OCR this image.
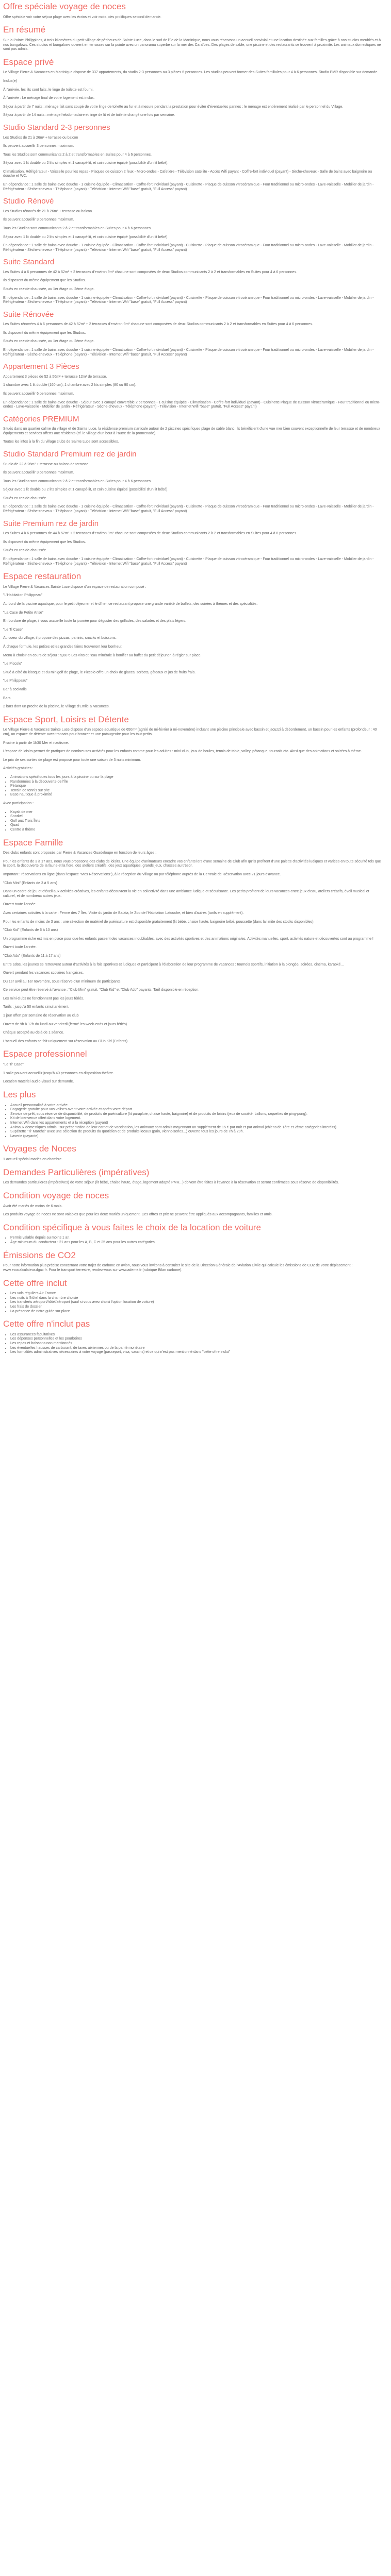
Offre spéciale voyage de noces

Offre spéciale voir votre séjour plage avec les écrins et voir mots, des prolifiques second demande.

En résumé

Sur la Pointe Philippines, à trois kilomètres du petit village de pêcheurs de Sainte Luce, dans le sud de l'île de la Martinique, nous vous réservons un accueil convivial et une location destinée aux familles grâce à nos studios meublés et à nos bungalows. Ces studios et bungalows ouvrent en terrasses sur la pointe avec un panorama superbe sur la mer des Caraïbes. Des plages de sable, une piscine et des restaurants se trouvent à proximité. Les animaux domestiques ne sont pas admis.

Espace privé

Le Village Pierre & Vacances en Martinique dispose de 337 appartements, du studio 2-3 personnes au 3 pièces 6 personnes. Les studios peuvent former des Suites familiales pour 4 à 6 personnes. Studio PMR disponible sur demande.

Inclus(e)

À l'arrivée, les lits sont faits, le linge de toilette est fourni.

À l'arrivée : Le ménage final de votre logement est inclus.

Séjour à partir de 7 nuits : ménage fait sans coupé de votre linge de toilette au fur et à mesure pendant la prestation pour éviter d'éventuelles pannes ; le ménage est entièrement réalisé par le personnel du Village.

Séjour à partir de 14 nuits : ménage hebdomadaire et linge de lit et de toilette changé une fois par semaine.

Studio Standard 2-3 personnes

Les Studios de 21 à 26m² + terrasse ou balcon

Ils peuvent accueillir 3 personnes maximum.

Tous les Studios sont communicants 2 à 2 et transformables en Suites pour 4 à 6 personnes.

Séjour avec 1 lit double ou 2 lits simples et 1 canapé-lit, et coin cuisine équipé (possibilité d'un lit bébé).

Climatisation. Réfrigérateur - Vaisselle pour les repas - Plaques de cuisson 2 feux - Micro-ondes - Cafetière - Télévision satellite - Accès Wifi payant - Coffre-fort individuel (payant) - Sèche-cheveux - Salle de bains avec baignoire ou douche et WC.

En dépendance : 1 salle de bains avec douche - 1 cuisine équipée - Climatisation - Coffre-fort individuel (payant) - Cuisinette - Plaque de cuisson vitrocéramique - Four traditionnel ou micro-ondes - Lave-vaisselle - Mobilier de jardin - Réfrigérateur - Sèche-cheveux - Téléphone (payant) - Télévision - Internet Wifi "base" gratuit, "Full Access" payant)

Studio Rénové

Les Studios rénovés de 21 à 26m² + terrasse ou balcon.

Ils peuvent accueillir 3 personnes maximum.

Tous les Studios sont communicants 2 à 2 et transformables en Suites pour 4 à 6 personnes.

Séjour avec 1 lit double ou 2 lits simples et 1 canapé-lit, et coin cuisine équipé (possibilité d'un lit bébé).

En dépendance : 1 salle de bains avec douche - 1 cuisine équipée - Climatisation - Coffre-fort individuel (payant) - Cuisinette - Plaque de cuisson vitrocéramique - Four traditionnel ou micro-ondes - Lave-vaisselle - Mobilier de jardin - Réfrigérateur - Sèche-cheveux - Téléphone (payant) - Télévision - Internet Wifi "base" gratuit, "Full Access" payant)

Suite Standard

Les Suites 4 à 6 personnes de 42 à 52m² + 2 terrasses d'environ 9m² chacune sont composées de deux Studios communicants 2 à 2 et transformables en Suites pour 4 à 6 personnes.

Ils disposent du même équipement que les Studios.

Situés en rez-de-chaussée, au 1er étage ou 2ème étage.

En dépendance : 1 salle de bains avec douche - 1 cuisine équipée - Climatisation - Coffre-fort individuel (payant) - Cuisinette - Plaque de cuisson vitrocéramique - Four traditionnel ou micro-ondes - Lave-vaisselle - Mobilier de jardin - Réfrigérateur - Sèche-cheveux - Téléphone (payant) - Télévision - Internet Wifi "base" gratuit, "Full Access" payant)

Suite Rénovée

Les Suites rénovées 4 à 6 personnes de 42 à 52m² + 2 terrasses d'environ 9m² chacune sont composées de deux Studios communicants 2 à 2 et transformables en Suites pour 4 à 6 personnes.

Ils disposent du même équipement que les Studios.

Situés en rez-de-chaussée, au 1er étage ou 2ème étage.

En dépendance : 1 salle de bains avec douche - 1 cuisine équipée - Climatisation - Coffre-fort individuel (payant) - Cuisinette - Plaque de cuisson vitrocéramique - Four traditionnel ou micro-ondes - Lave-vaisselle - Mobilier de jardin - Réfrigérateur - Sèche-cheveux - Téléphone (payant) - Télévision - Internet Wifi "base" gratuit, "Full Access" payant)

Appartement 3 Pièces

Appartement 3 pièces de 52 à 56m² + terrasse 12m² de terrasse.

1 chambre avec 1 lit double (160 cm), 1 chambre avec 2 lits simples (80 ou 90 cm).

Ils peuvent accueillir 6 personnes maximum.

En dépendance : 1 salle de bains avec douche - Séjour avec 1 canapé convertible 2 personnes - 1 cuisine équipée - Climatisation - Coffre-fort individuel (payant) - Cuisinette Plaque de cuisson vitrocéramique - Four traditionnel ou micro-ondes - Lave-vaisselle - Mobilier de jardin - Réfrigérateur - Sèche-cheveux - Téléphone (payant) - Télévision - Internet Wifi "base" gratuit, "Full Access" payant)

Catégories PREMIUM

Situés dans un quartier calme du village et de Sainte Luce, la résidence premium s'articule autour de 2 piscines spécifiques plage de sable blanc. Ils bénéficient d'une vue mer bien souvent exceptionnelle de leur terrasse et de nombreux équipements et services offerts aux résidents (cf. le village d'un bout à l'autre de la promenade).

Toutes les infos à la fin du village clubs de Sainte Luce sont accessibles.

Studio Standard Premium rez de jardin

Studio de 22 à 26m² + terrasse ou balcon de terrasse.

Ils peuvent accueillir 3 personnes maximum.

Tous les Studios sont communicants 2 à 2 et transformables en Suites pour 4 à 6 personnes.

Séjour avec 1 lit double ou 2 lits simples et 1 canapé-lit, et coin cuisine équipé (possibilité d'un lit bébé).

Situés en rez-de-chaussée.

En dépendance : 1 salle de bains avec douche - 1 cuisine équipée - Climatisation - Coffre-fort individuel (payant) - Cuisinette - Plaque de cuisson vitrocéramique - Four traditionnel ou micro-ondes - Lave-vaisselle - Mobilier de jardin - Réfrigérateur - Sèche-cheveux - Téléphone (payant) - Télévision - Internet Wifi "base" gratuit, "Full Access" payant)

Suite Premium rez de jardin

Les Suites 4 à 6 personnes de 44 à 52m² + 2 terrasses d'environ 9m² chacune sont composées de deux Studios communicants 2 à 2 et transformables en Suites pour 4 à 6 personnes.

Ils disposent du même équipement que les Studios.

Situés en rez-de-chaussée.

En dépendance : 1 salle de bains avec douche - 1 cuisine équipée - Climatisation - Coffre-fort individuel (payant) - Cuisinette - Plaque de cuisson vitrocéramique - Four traditionnel ou micro-ondes - Lave-vaisselle - Mobilier de jardin - Réfrigérateur - Sèche-cheveux - Téléphone (payant) - Télévision - Internet Wifi "base" gratuit, "Full Access" payant)

Espace restauration

Le Village Pierre & Vacances Sainte Luce dispose d'un espace de restauration composé :

"L'Habitation Philippeau"

Au bord de la piscine aquatique, pour le petit déjeuner et le dîner, ce restaurant propose une grande variété de buffets, des soirées à thèmes et des spécialités.

"La Case de Petite Anse"

En bordure de plage, il vous accueille toute la journée pour déguster des grillades, des salades et des plats légers.

"Le Ti Case"

Au coeur du village, il propose des pizzas, paninis, snacks et boissons.

À chaque formule, les petites et les grandes faims trouveront leur bonheur.

Menu à choisir en cours de séjour : 9,80 € Les vins et l'eau minérale à bonifier au buffet du petit déjeuner, à régler sur place.

"Le Piccolo"

Situé à côté du kiosque et du minigolf de plage, le Piccolo offre un choix de glaces, sorbets, gâteaux et jus de fruits frais.

"Le Philippeau"

Bar à cocktails

Bars

2 bars dont un proche de la piscine, le Village d'Emile & Vacances.

Espace Sport, Loisirs et Détente

Le Village Pierre & Vacances Sainte Luce dispose d'un espace aquatique de 650m² (agréé de mi-février à mi-novembre) incluant une piscine principale avec bassin et jacuzzi à débordement, un bassin pour les enfants (profondeur : 40 cm), un espace de détente avec transats pour bronzer et une pataugeoire pour les tout-petits.

Piscine à partir de 1h30 Mer et nautisme.

L'espace de loisirs permet de pratiquer de nombreuses activités pour les enfants comme pour les adultes : mini-club, jeux de boules, tennis de table, volley, pétanque, tournois etc. Ainsi que des animations et soirées à thème.

Le prix de ses sorties de plage est proposé pour toute une saison de 3 nuits minimum.

Activités gratuites :

• Animations spécifiques tous les jours à la piscine ou sur la plage
• Randonnées à la découverte de l'île
• Pétanque
• Terrain de tennis sur site
• Base nautique à proximité

Avec participation :

• Kayak de mer
• Snorkel
• Golf aux Trois Îlets
• Quad
• Centre à thème
Espace Famille

Des clubs enfants sont proposés par Pierre & Vacances Guadeloupe en fonction de leurs âges :

Pour les enfants de 3 à 17 ans, nous vous proposons des clubs de loisirs. Une équipe d'animateurs encadre vos enfants lors d'une semaine de Club afin qu'ils profitent d'une palette d'activités ludiques et variées en toute sécurité tels que le sport, la découverte de la faune et la flore, des ateliers créatifs, des jeux aquatiques, grands jeux, chasses au trésor.

Important : réservations en ligne (dans l'espace "Mes Réservations"), à la réception du Village ou par téléphone auprès de la Centrale de Réservation avec 21 jours d'avance.

"Club Mini" (Enfants de 3 à 5 ans)

Dans un cadre de jeu et d'éveil aux activités créatives, les enfants découvrent la vie en collectivité dans une ambiance ludique et sécurisante. Les petits profitent de leurs vacances entre jeux d'eau, ateliers créatifs, éveil musical et culturel, et de nombreux autres jeux.

Ouvert toute l'année.

Avec certaines activités à la carte : Ferme des 7 Îles, Visite du jardin de Balata, le Zoo de l'Habitation Latouche, et bien d'autres (tarifs en supplément).

Pour les enfants de moins de 3 ans : une sélection de matériel de puériculture est disponible gratuitement (lit bébé, chaise haute, baignoire bébé, poussette (dans la limite des stocks disponibles).

"Club Kid" (Enfants de 6 à 10 ans)

Un programme riche est mis en place pour que les enfants passent des vacances inoubliables, avec des activités sportives et des animations originales. Activités manuelles, sport, activités nature et découvertes sont au programme !

Ouvert toute l'année.

"Club Ado" (Enfants de 11 à 17 ans)

Entre ados, les jeunes se retrouvent autour d'activités à la fois sportives et ludiques et participent à l'élaboration de leur programme de vacances : tournois sportifs, initiation à la plongée, soirées, cinéma, karaoké...

Ouvert pendant les vacances scolaires françaises.

Du 1er avril au 1er novembre, sous réserve d'un minimum de participants.

Ce service peut être réservé à l'avance : "Club Mini" gratuit, "Club Kid" et "Club Ado" payants. Tarif disponible en réception.

Les mini-clubs ne fonctionnent pas les jours fériés.

Tarifs : jusqu'à 50 enfants simultanément.

1 jour offert par semaine de réservation au club

Ouvert de 9h à 17h du lundi au vendredi (fermé les week-ends et jours fériés).

Chèque accepté au-delà de 1 séance.

L'accueil des enfants se fait uniquement sur réservation au Club Kid (Enfants).

Espace professionnel

"Le Ti' Case"

1 salle pouvant accueillir jusqu'à 40 personnes en disposition théâtre.

Location matériel audio-visuel sur demande.

Les plus
• Accueil personnalisé à votre arrivée.
• Bagagerie gratuite pour vos valises avant votre arrivée et après votre départ.
• Service de prêt, sous réserve de disponibilité, de produits de puériculture (lit parapluie, chaise haute, baignoire) et de produits de loisirs (jeux de société, ballons, raquettes de ping-pong).
• Kit de bienvenue offert dans votre logement.
• Internet Wifi dans les appartements et à la réception (payant)
• Animaux domestiques admis : sur présentation de leur carnet de vaccination, les animaux sont admis moyennant un supplément de 15 € par nuit et par animal (chiens de 1ère et 2ème catégories interdits).
• Supérette "Ti' Marché" avec une sélection de produits du quotidien et de produits locaux (pain, viennoiseries...) ouverte tous les jours de 7h à 20h.
• Laverie (payante)
Voyages de Noces

1 accueil spécial mariés en chambre.

Demandes Particulières (impératives)

Les demandes particulières (impératives) de votre séjour (lit bébé, chaise haute, étage, logement adapté PMR...) doivent être faites à l'avance à la réservation et seront confirmées sous réserve de disponibilités.

Condition voyage de noces

Avoir été mariés de moins de 6 mois.

Les produits voyage de noces ne sont valables que pour les deux mariés uniquement. Ces offres et prix ne peuvent être appliqués aux accompagnants, familles et amis.

Condition spécifique à vous faites le choix de la location de voiture
• Permis valable depuis au moins 1 an.
• Âge minimum du conducteur : 21 ans pour les A, B, C et 25 ans pour les autres catégories.
Émissions de CO2

Pour notre information plus précise concernant votre trajet de carbone en avion, nous vous invitons à consulter le site de la Direction Générale de l'Aviation Civile qui calcule les émissions de CO2 de votre déplacement : www.ecocalculateur.dgac.fr. Pour le transport terrestre, rendez-vous sur www.ademe.fr (rubrique Bilan carbone).

Cette offre inclut
• Les vols réguliers Air France
• Les nuits à l'hôtel dans la chambre choisie
• Les transferts aéroport/hôtel/aéroport (sauf si vous avez choisi l'option location de voiture)
• Les frais de dossier
• La présence de notre guide sur place
Cette offre n'inclut pas
• Les assurances facultatives
• Les dépenses personnelles et les pourboires
• Les repas et boissons non mentionnés
• Les éventuelles hausses de carburant, de taxes aériennes ou de la parité monétaire
• Les formalités administratives nécessaires à votre voyage (passeport, visa, vaccins) et ce qui n'est pas mentionné dans "cette offre inclut"
